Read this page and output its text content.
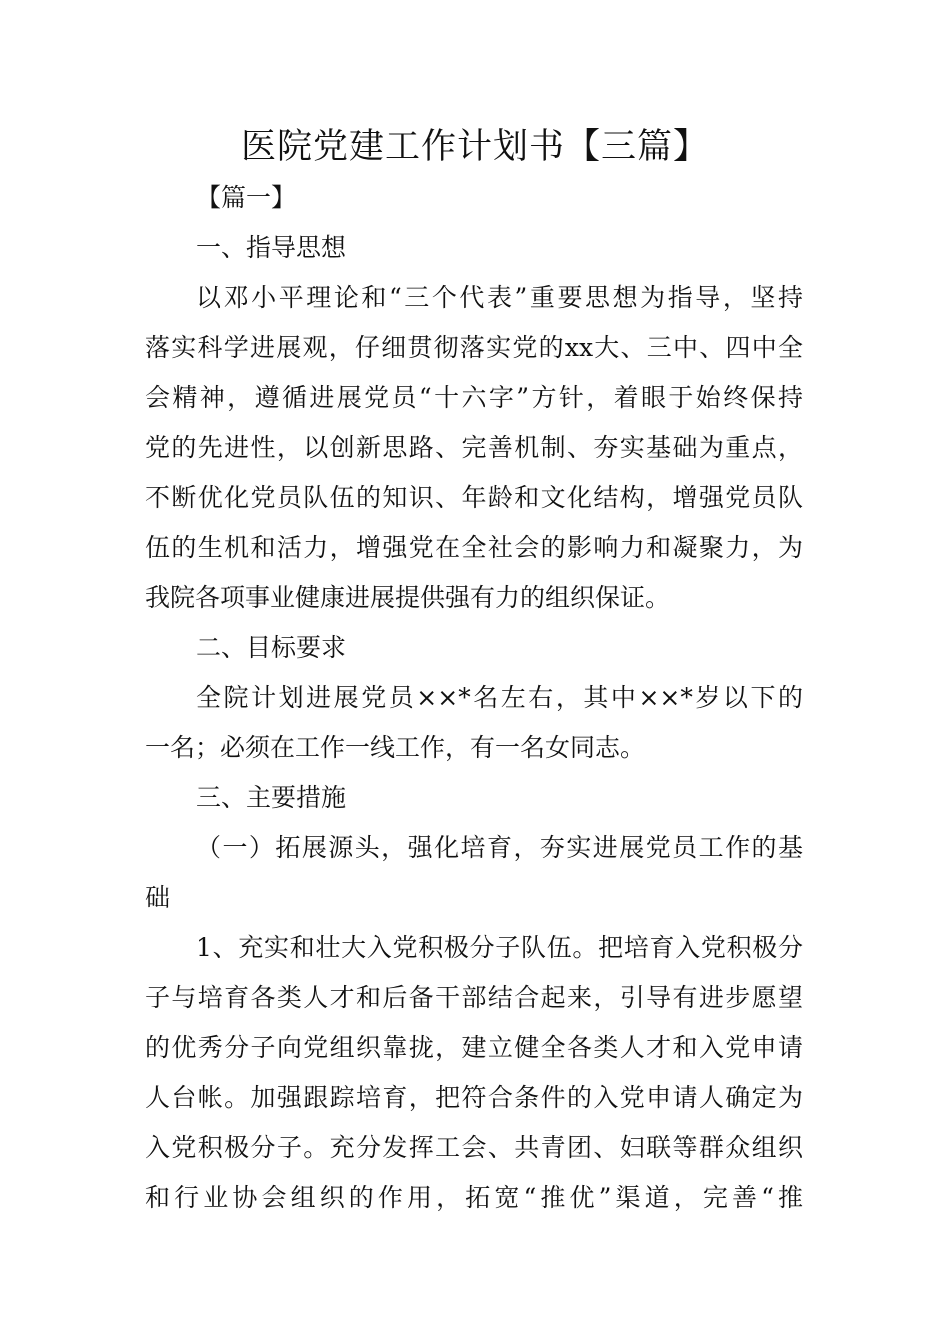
医院党建工作计划书【三篇】
【篇一】
一、指导思想
以邓小平理论和“三个代表”重要思想为指导，坚持
落实科学进展观，仔细贯彻落实党的xx大、三中、四中全
会精神，遵循进展党员“十六字”方针，着眼于始终保持
党的先进性，以创新思路、完善机制、夯实基础为重点，
不断优化党员队伍的知识、年龄和文化结构，增强党员队
伍的生机和活力，增强党在全社会的影响力和凝聚力，为
我院各项事业健康进展提供强有力的组织保证。
二、目标要求
全院计划进展党员××*名左右，其中××*岁以下的
一名；必须在工作一线工作，有一名女同志。
三、主要措施
（一）拓展源头，强化培育，夯实进展党员工作的基
础
1、充实和壮大入党积极分子队伍。把培育入党积极分
子与培育各类人才和后备干部结合起来，引导有进步愿望
的优秀分子向党组织靠拢，建立健全各类人才和入党申请
人台帐。加强跟踪培育，把符合条件的入党申请人确定为
入党积极分子。充分发挥工会、共青团、妇联等群众组织
和行业协会组织的作用，拓宽“推优”渠道，完善“推
